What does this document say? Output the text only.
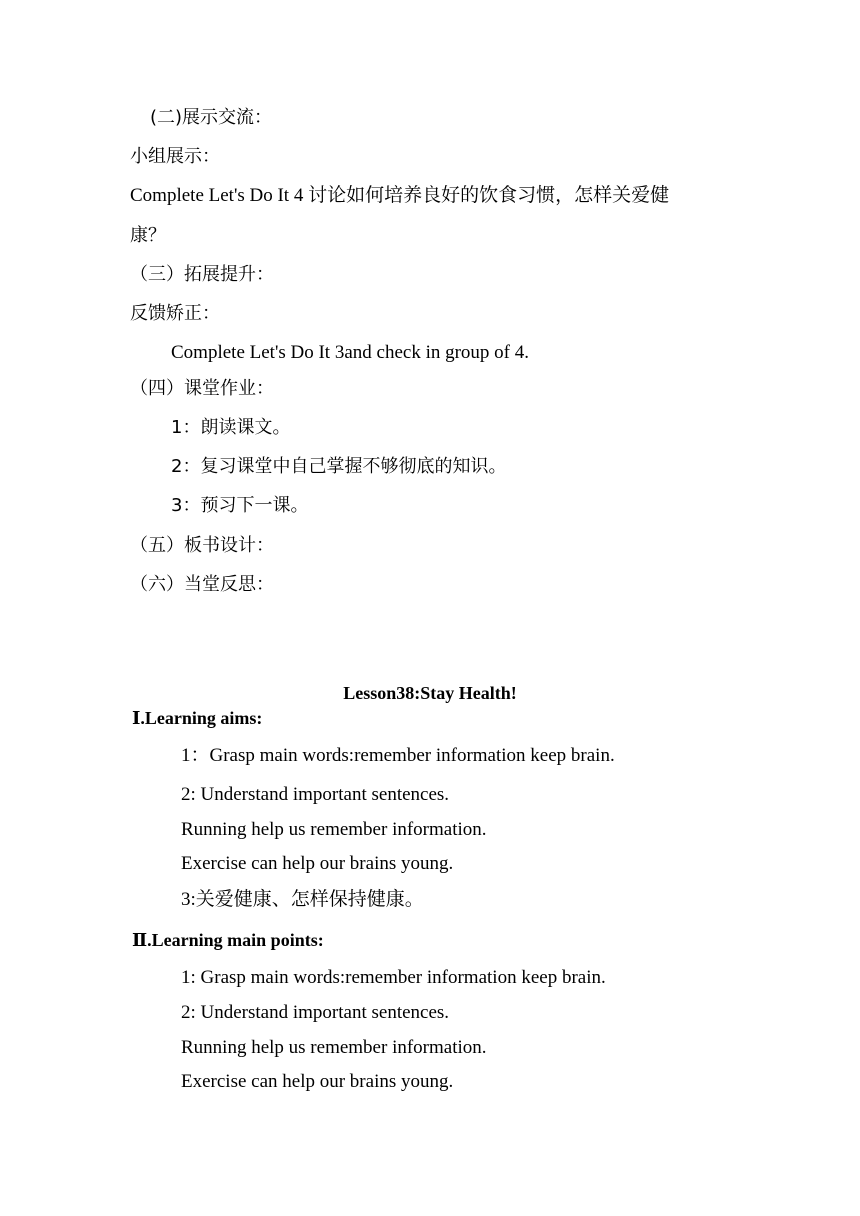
(二)展示交流：
小组展示：
Complete Let's Do It 4 讨论如何培养良好的饮食习惯，怎样关爱健
康？
（三）拓展提升：
反馈矫正：
Complete Let's Do It 3and check in group of 4.
（四）课堂作业：
1：朗读课文。
2：复习课堂中自己掌握不够彻底的知识。
3：预习下一课。
（五）板书设计：
（六）当堂反思：
Lesson38:Stay Health!
Ⅰ.Learning aims:
1：Grasp main words:remember information keep brain.
2: Understand important sentences.
Running help us remember information.
Exercise can help our brains young.
3:关爱健康、怎样保持健康。
Ⅱ.Learning main points:
1: Grasp main words:remember information keep brain.
2: Understand important sentences.
Running help us remember information.
Exercise can help our brains young.
